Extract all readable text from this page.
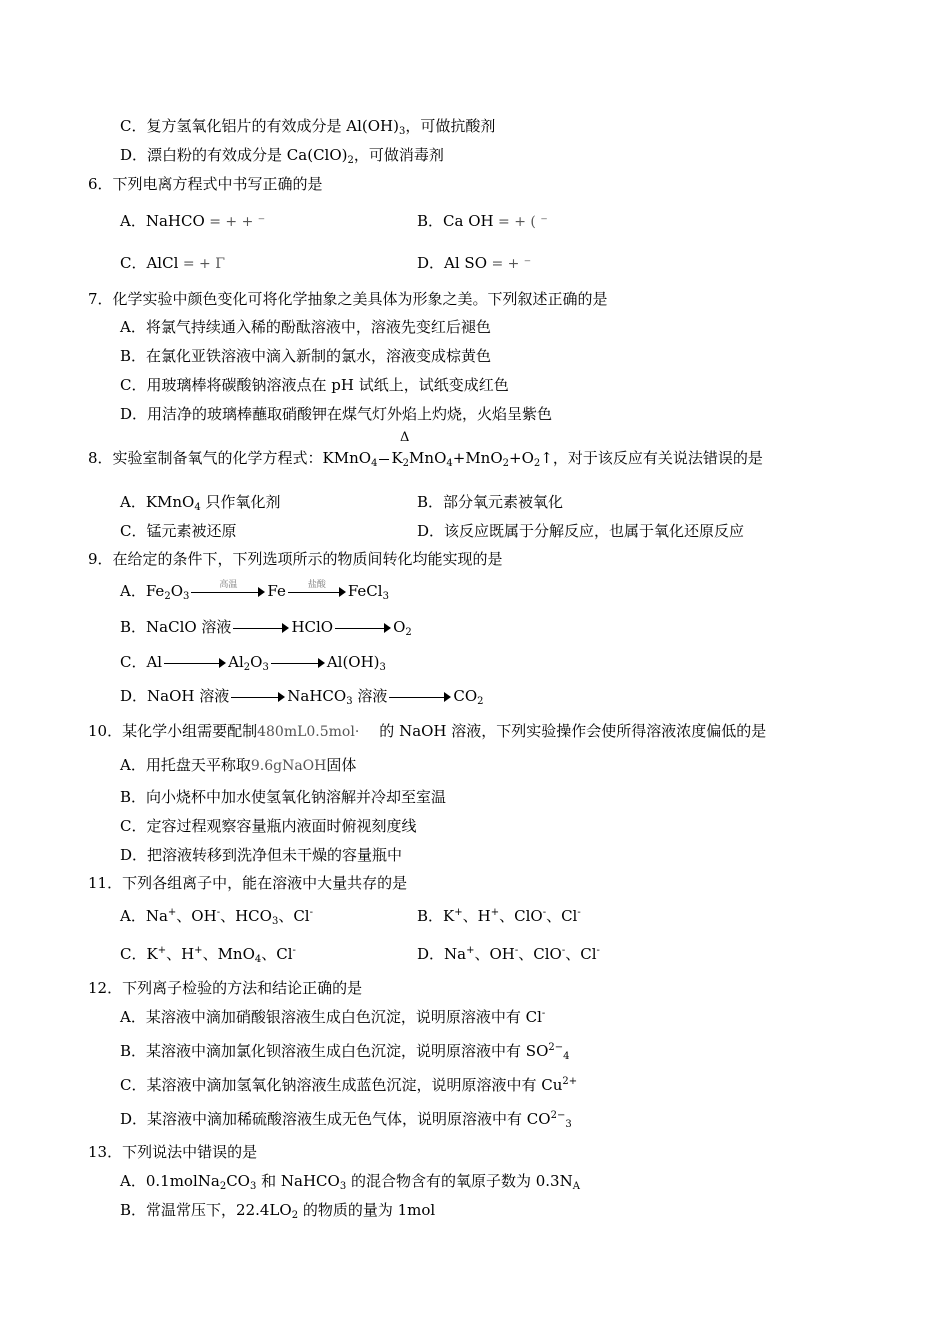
C．复方氢氧化铝片的有效成分是 $Al(OH)_3$，可做抗酸剂
D．漂白粉的有效成分是 $Ca(ClO)_2$，可做消毒剂
6．下列电离方程式中书写正确的是
A．NaHCO = + + ⁻	B．Ca OH = + ( ⁻
C．AlCl = + Γ	D．Al SO = + ⁻
7．化学实验中颜色变化可将化学抽象之美具体为形象之美。下列叙述正确的是
A．将氯气持续通入稀的酚酞溶液中，溶液先变红后褪色
B．在氯化亚铁溶液中滴入新制的氯水，溶液变成棕黄色
C．用玻璃棒将碳酸钠溶液点在 pH 试纸上，试纸变成红色
D．用洁净的玻璃棒蘸取硝酸钾在煤气灯外焰上灼烧，火焰呈紫色
Δ
8．实验室制备氧气的化学方程式：KMnO$_4$ $K_2MnO_4+MnO_2+O_2↑$，对于该反应有关说法错误的是
A．KMnO$_4$ 只作氧化剂	B．部分氧元素被氧化
C．锰元素被还原	D．该反应既属于分解反应，也属于氧化还原反应
9．在给定的条件下，下列选项所示的物质间转化均能实现的是
A．$Fe_2O_3$
高温	Fe	盐酸	FeCl$_3$
B．NaClO 溶液	HClO	$O_2$
C．Al	$Al_2O_3$	$Al(OH)_3$
D．NaOH 溶液	NaHCO$_3$ 溶液	$CO_2$
10．某化学小组需要配制480mL0.5mol· 的 NaOH 溶液，下列实验操作会使所得溶液浓度偏低的是
A．用托盘天平称取9.6gNaOH固体
B．向小烧杯中加水使氢氧化钠溶解并冷却至室温
C．定容过程观察容量瓶内液面时俯视刻度线
D．把溶液转移到洗净但未干燥的容量瓶中
11．下列各组离子中，能在溶液中大量共存的是
A．Na+、OH-、$HCO_3$、Cl-	B．K+、H+、ClO-、Cl-
C．K+、H+、MnO$_4$、Cl-	D．Na+、OH-、ClO-、Cl-
12．下列离子检验的方法和结论正确的是
A．某溶液中滴加硝酸银溶液生成白色沉淀，说明原溶液中有 Cl-
B．某溶液中滴加氯化钡溶液生成白色沉淀，说明原溶液中有 $SO^{2-}_4$
C．某溶液中滴加氢氧化钠溶液生成蓝色沉淀，说明原溶液中有 $Cu^{2+}$
D．某溶液中滴加稀硫酸溶液生成无色气体，说明原溶液中有 $CO^{2-}_3$
13．下列说法中错误的是
A．$0.1molNa_2CO_3$ 和 NaHCO$_3$ 的混合物含有的氧原子数为 $0.3N_A$
B．常温常压下，$22.4LO_2$ 的物质的量为 1mol
